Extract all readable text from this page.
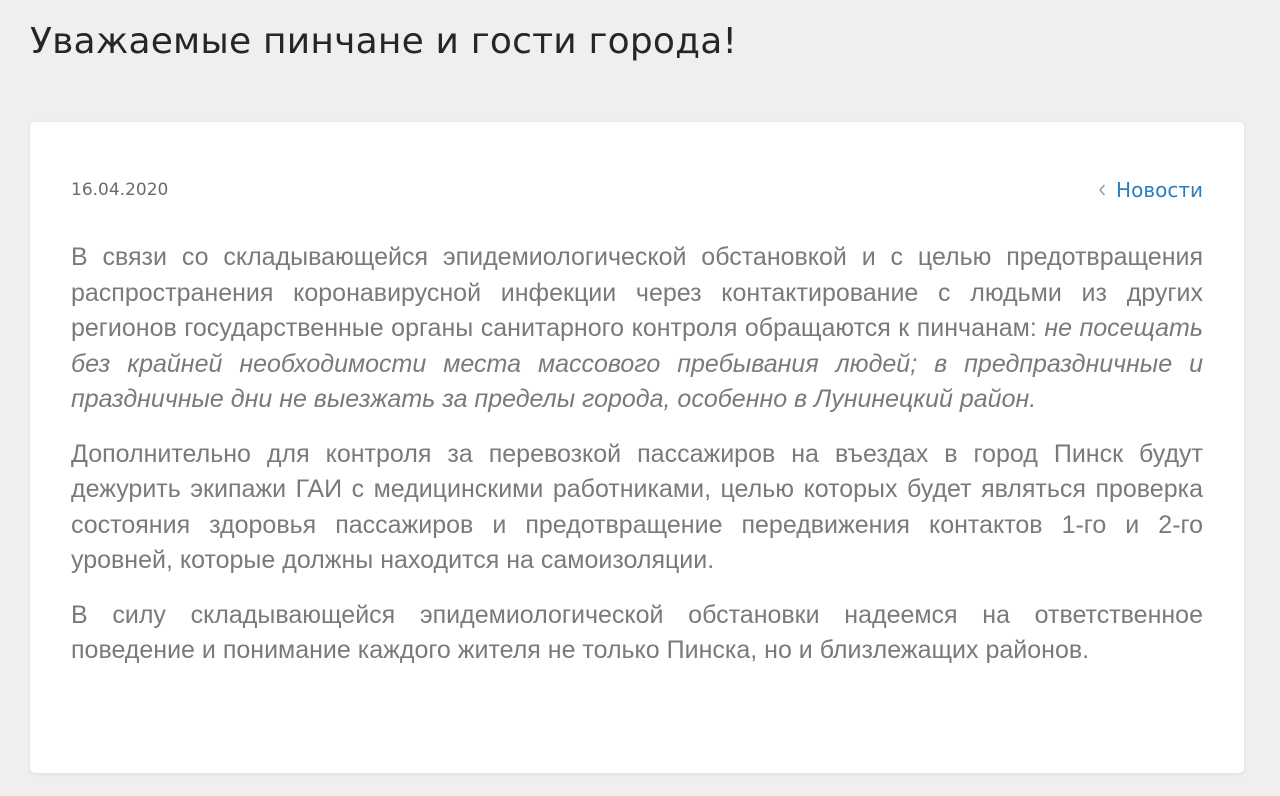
Уважаемые пинчане и гости города!
16.04.2020	Новости

В связи со складывающейся эпидемиологической обстановкой и с целью предотвращения распространения коронавирусной инфекции через контактирование с людьми из других регионов государственные органы санитарного контроля обращаются к пинчанам: не посещать без крайней необходимости места массового пребывания людей; в предпраздничные и праздничные дни не выезжать за пределы города, особенно в Лунинецкий район.

Дополнительно для контроля за перевозкой пассажиров на въездах в город Пинск будут дежурить экипажи ГАИ с медицинскими работниками, целью которых будет являться проверка состояния здоровья пассажиров и предотвращение передвижения контактов 1-го и 2-го уровней, которые должны находится на самоизоляции.

В силу складывающейся эпидемиологической обстановки надеемся на ответственное поведение и понимание каждого жителя не только Пинска, но и близлежащих районов.
